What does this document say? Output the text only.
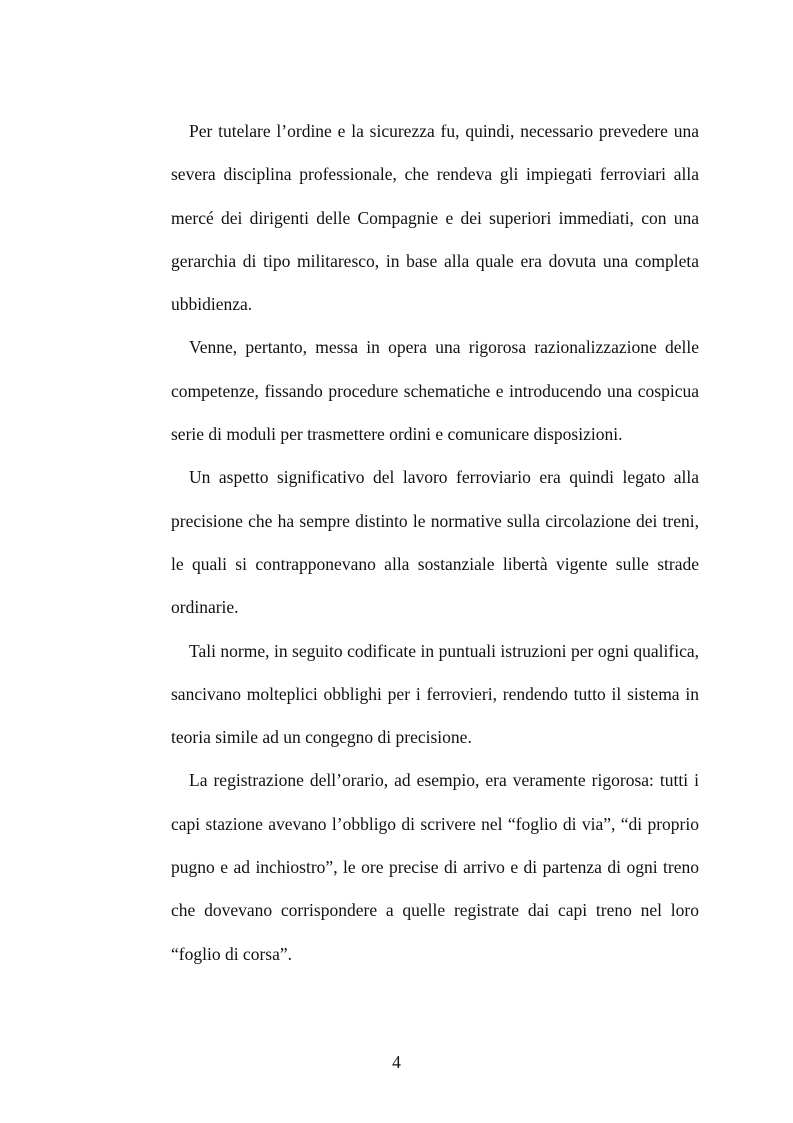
Per tutelare l’ordine e la sicurezza fu, quindi, necessario prevedere una severa disciplina professionale, che rendeva gli impiegati ferroviari alla mercé dei dirigenti delle Compagnie e dei superiori immediati, con una gerarchia di tipo militaresco, in base alla quale era dovuta una completa ubbidienza.

Venne, pertanto, messa in opera una rigorosa razionalizzazione delle competenze, fissando procedure schematiche e introducendo una cospicua serie di moduli per trasmettere ordini e comunicare disposizioni.

Un aspetto significativo del lavoro ferroviario era quindi legato alla precisione che ha sempre distinto le normative sulla circolazione dei treni, le quali si contrapponevano alla sostanziale libertà vigente sulle strade ordinarie.

Tali norme, in seguito codificate in puntuali istruzioni per ogni qualifica, sancivano molteplici obblighi per i ferrovieri, rendendo tutto il sistema in teoria simile ad un congegno di precisione.

La registrazione dell’orario, ad esempio, era veramente rigorosa: tutti i capi stazione avevano l’obbligo di scrivere nel “foglio di via”, “di proprio pugno e ad inchiostro”, le ore precise di arrivo e di partenza di ogni treno che dovevano corrispondere a quelle registrate dai capi treno nel loro “foglio di corsa”.

4
